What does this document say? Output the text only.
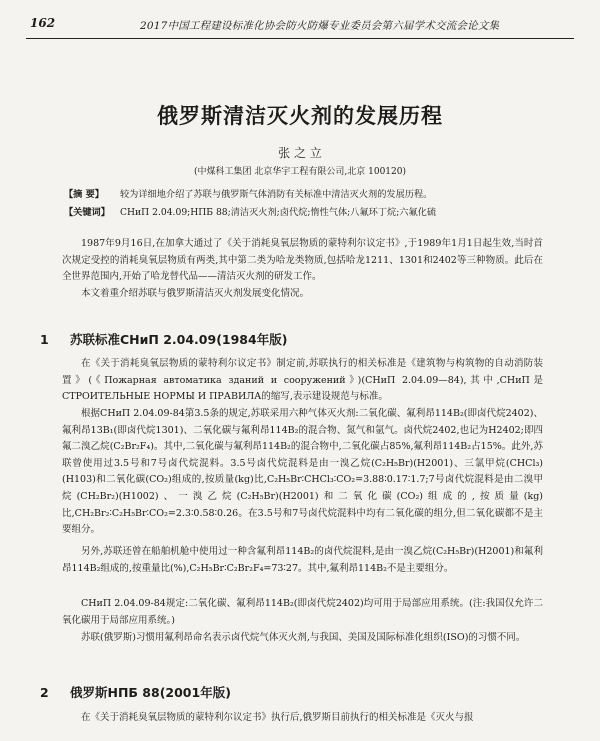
162	2017中国工程建设标准化协会防火防爆专业委员会第六届学术交流会论文集
俄罗斯清洁灭火剂的发展历程
张 之 立
(中煤科工集团 北京华宇工程有限公司,北京 100120)
【摘 要】 较为详细地介绍了苏联与俄罗斯气体消防有关标准中清洁灭火剂的发展历程。
【关键词】 СНиП 2.04.09;НПБ 88;清洁灭火剂;卤代烷;惰性气体;八氟环丁烷;六氟化硫

1987年9月16日,在加拿大通过了《关于消耗臭氧层物质的蒙特利尔议定书》,于1989年1月1日起生效,当时首次规定受控的消耗臭氧层物质有两类,其中第二类为哈龙类物质,包括哈龙1211、1301和2402等三种物质。此后在全世界范围内,开始了哈龙替代品——清洁灭火剂的研发工作。

本文着重介绍苏联与俄罗斯清洁灭火剂发展变化情况。

1 苏联标准СНиП 2.04.09(1984年版)

在《关于消耗臭氧层物质的蒙特利尔议定书》制定前,苏联执行的相关标准是《建筑物与构筑物的自动消防装置》(《Пожарная автоматика зданий и сооружений》)(СНиП 2.04.09—84),其中,СНиП是СТРОИТЕЛЬНЫЕ НОРМЫ И ПРАВИЛА的缩写,表示建设规范与标准。

根据СНиП 2.04.09-84第3.5条的规定,苏联采用六种气体灭火剂:二氧化碳、氟利昂114B₂(即卤代烷2402)、氟利昂13B₁(即卤代烷1301)、二氧化碳与氟利昂114B₂的混合物、氮气和氩气。卤代烷2402,也记为H2402;即四氟二溴乙烷(C₂Br₂F₄)。其中,二氧化碳与氟利昂114B₂的混合物中,二氧化碳占85%,氟利昂114B₂占15%。此外,苏联曾使用过3.5号和7号卤代烷混料。3.5号卤代烷混料是由一溴乙烷(C₂H₅Br)(H2001)、三氯甲烷(CHCl₃)(H103)和二氧化碳(CO₂)组成的,按质量(kg)比,C₂H₅Br∶CHCl₃∶CO₂=3.88∶0.17∶1.7;7号卤代烷混料是由二溴甲烷(CH₂Br₂)(H1002)、一溴乙烷(C₂H₅Br)(H2001)和二氧化碳(CO₂)组成的,按质量(kg)比,CH₂Br₂∶C₂H₅Br∶CO₂=2.3∶0.58∶0.26。在3.5号和7号卤代烷混料中均有二氧化碳的组分,但二氧化碳都不是主要组分。

另外,苏联还曾在船舶机舱中使用过一种含氟利昂114B₂的卤代烷混料,是由一溴乙烷(C₂H₅Br)(H2001)和氟利昂114B₂组成的,按重量比(%),C₂H₅Br∶C₂Br₂F₄=73∶27。其中,氟利昂114B₂不是主要组分。

СНиП 2.04.09-84规定:二氧化碳、氟利昂114B₂(即卤代烷2402)均可用于局部应用系统。(注:我国仅允许二氧化碳用于局部应用系统。)

苏联(俄罗斯)习惯用氟利昂命名表示卤代烷气体灭火剂,与我国、美国及国际标准化组织(ISO)的习惯不同。

2 俄罗斯НПБ 88(2001年版)

在《关于消耗臭氧层物质的蒙特利尔议定书》执行后,俄罗斯目前执行的相关标准是《灭火与报
